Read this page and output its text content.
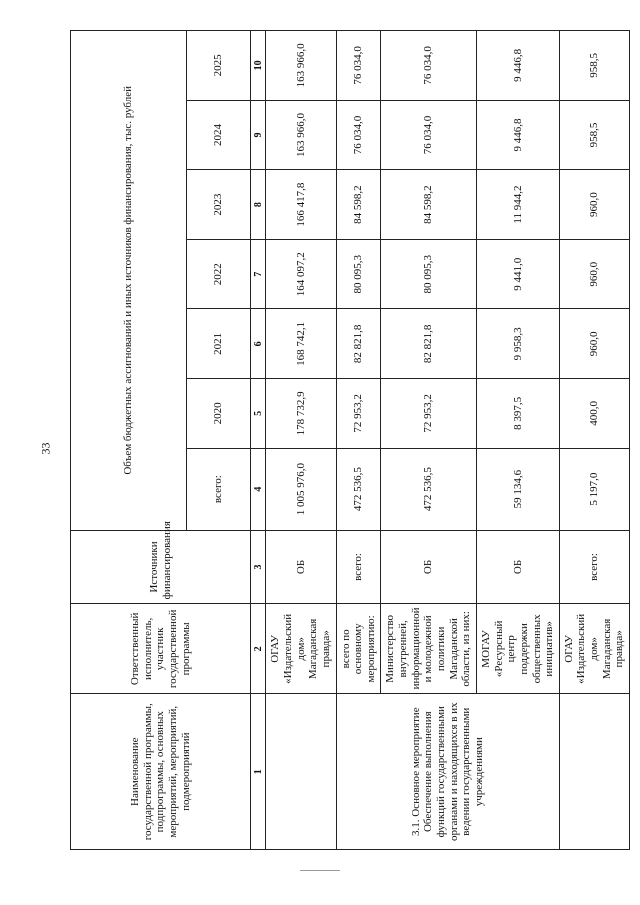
33
Наименование государственной программы, подпрограммы, основных мероприятий, мероприятий, подмероприятий	Ответственный исполнитель, участник государственной программы	Источники финансирования	Объем бюджетных ассигнований и иных источников финансирования, тыс. рублей						
			всего:	2020	2021	2022	2023	2024	2025
1	2	3	4	5	6	7	8	9	10
	ОГАУ «Издательский дом» Магаданская правда»	ОБ	1 005 976,0	178 732,9	168 742,1	164 097,2	166 417,8	163 966,0	163 966,0
3.1. Основное мероприятие Обеспечение выполнения функций государственными органами и находящихся в их ведении государственными учреждениями	всего по основному мероприятию:	всего:	472 536,5	72 953,2	82 821,8	80 095,3	84 598,2	76 034,0	76 034,0
	Министерство внутренней, информационной и молодежной политики Магаданской области, из них:	ОБ	472 536,5	72 953,2	82 821,8	80 095,3	84 598,2	76 034,0	76 034,0
	МОГАУ «Ресурсный центр поддержки общественных инициатив»	ОБ	59 134,6	8 397,5	9 958,3	9 441,0	11 944,2	9 446,8	9 446,8
	ОГАУ «Издательский дом» Магаданская правда»	всего:	5 197,0	400,0	960,0	960,0	960,0	958,5	958,5
